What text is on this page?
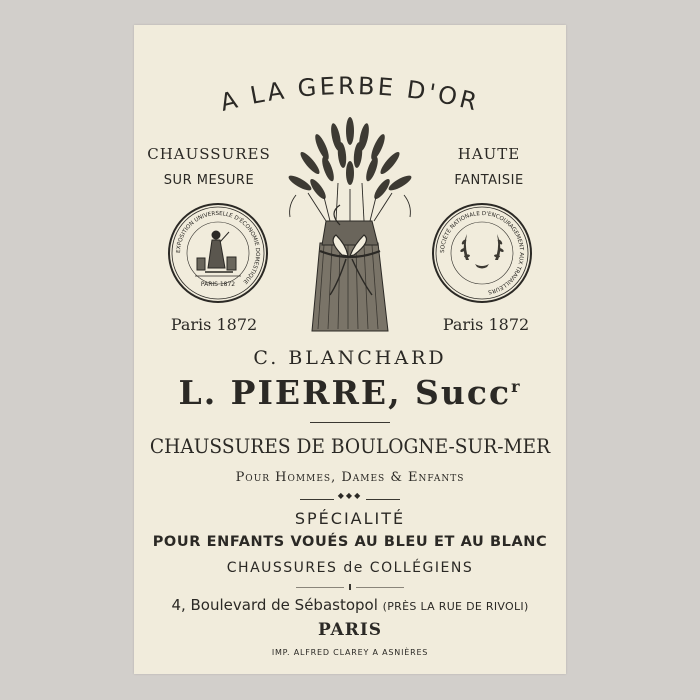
A LA GERBE D'OR
CHAUSSURES
SUR MESURE
HAUTE
FANTAISIE
EXPOSITION UNIVERSELLE D'ÉCONOMIE DOMESTIQUE
PARIS 1872
SOCIÉTÉ NATIONALE D'ENCOURAGEMENT AUX TRAVAILLEURS
Paris 1872	Paris 1872
C. BLANCHARD
L. PIERRE, Succ$^r$
CHAUSSURES DE BOULOGNE-SUR-MER
Pour Hommes, Dames & Enfants
◆◆◆
SPÉCIALITÉ
POUR ENFANTS VOUÉS AU BLEU ET AU BLANC
CHAUSSURES de COLLÉGIENS
4, Boulevard de Sébastopol (PRÈS LA RUE DE RIVOLI)
PARIS
IMP. ALFRED CLAREY A ASNIÈRES
